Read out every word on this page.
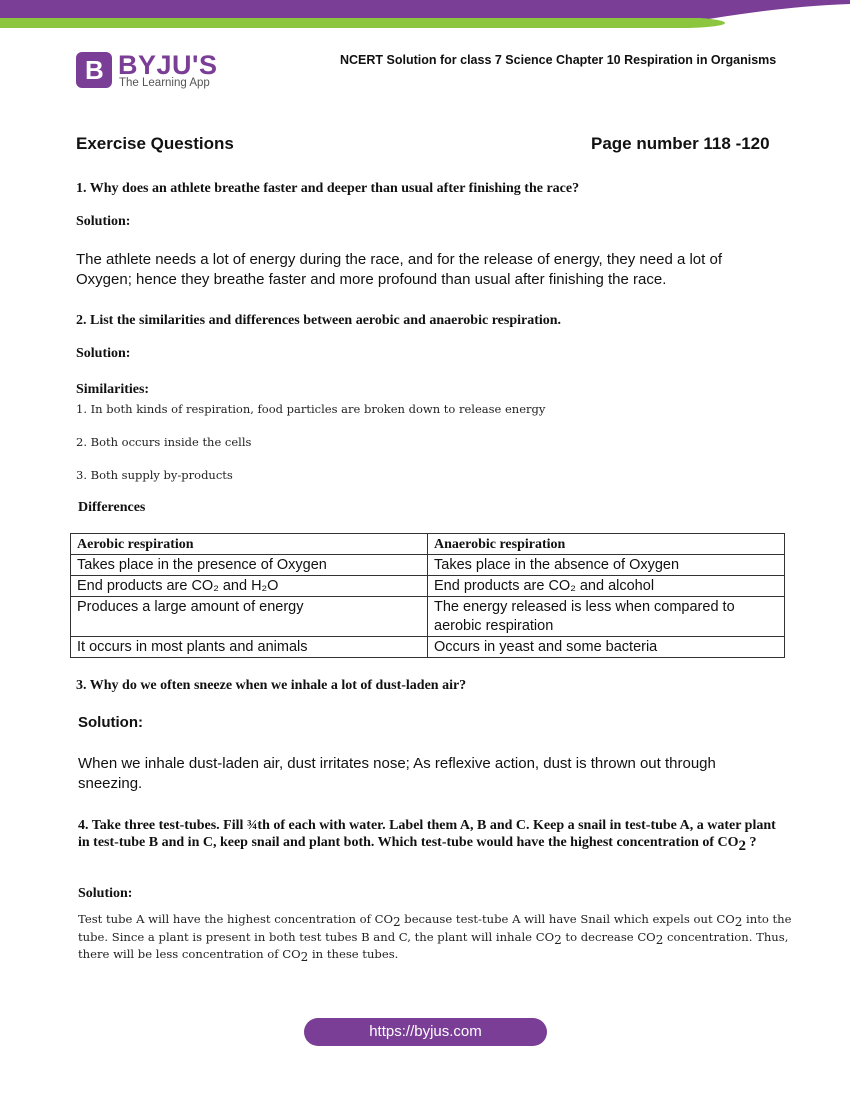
B BYJU'S
The Learning App
NCERT Solution for class 7 Science Chapter 10 Respiration in Organisms
Exercise Questions	Page number 118 -120
1. Why does an athlete breathe faster and deeper than usual after finishing the race?
Solution:
The athlete needs a lot of energy during the race, and for the release of energy, they need a lot of Oxygen; hence they breathe faster and more profound than usual after finishing the race.
2. List the similarities and differences between aerobic and anaerobic respiration.
Solution:
Similarities:
1. In both kinds of respiration, food particles are broken down to release energy
2. Both occurs inside the cells
3. Both supply by-products
Differences
Aerobic respiration	Anaerobic respiration
Takes place in the presence of Oxygen	Takes place in the absence of Oxygen
End products are CO₂ and H₂O	End products are CO₂ and alcohol
Produces a large amount of energy	The energy released is less when compared to aerobic respiration
It occurs in most plants and animals	Occurs in yeast and some bacteria
3. Why do we often sneeze when we inhale a lot of dust-laden air?
Solution:
When we inhale dust-laden air, dust irritates nose; As reflexive action, dust is thrown out through sneezing.
4. Take three test-tubes. Fill ¾th of each with water. Label them A, B and C. Keep a snail in test-tube A, a water plant in test-tube B and in C, keep snail and plant both. Which test-tube would have the highest concentration of $CO_2$ ?
Solution:
Test tube A will have the highest concentration of $CO_2$ because test-tube A will have Snail which expels out $CO_2$ into the tube. Since a plant is present in both test tubes B and C, the plant will inhale $CO_2$ to decrease $CO_2$ concentration. Thus, there will be less concentration of $CO_2$ in these tubes.
https://byjus.com
